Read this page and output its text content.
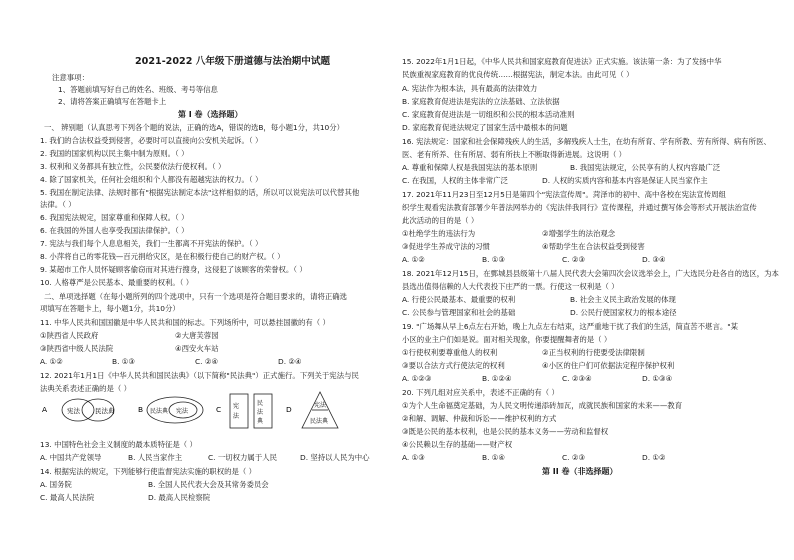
2021-2022 八年级下册道德与法治期中试题
注意事项：
1、答题前填写好自己的姓名、班级、考号等信息
2、请将答案正确填写在答题卡上
第 I 卷（选择题）
一、 辨别题（认真思考下列各个题的说法，正确的选A，错误的选B，每小题1分，共10分）
1. 我们的合法权益受到侵害，必要时可以直接向公安机关起诉。（ ）
2. 我国的国家机构以民主集中制为原则。（ ）
3. 权利和义务都具有独立性，公民要依法行使权利。（ ）
4. 除了国家机关，任何社会组织和个人都没有超越宪法的权力。（ ）
5. 我国在制定法律、法规时都有"根据宪法制定本法"这样相似的话，所以可以说宪法可以代替其他
法律。（ ）
6. 我国宪法规定，国家尊重和保障人权。（ ）
6. 在我国的外国人也享受我国法律保护。（ ）
7. 宪法与我们每个人息息相关，我们一生都离不开宪法的保护。（ ）
8. 小萍将自己的零花钱—百元捐给灾区，是在积极行使自己的财产权。（ ）
9. 某超市工作人员怀疑顾客偷窃而对其进行搜身，这侵犯了该顾客的荣誉权。（ ）
10. 人格尊严是公民基本、最重要的权利。（ ）
二、单项选择题（在每小题所列的四个选项中，只有一个选项是符合题目要求的，请将正确选
项填写在答题卡上，每小题1分，共10分）
11. 中华人民共和国国徽是中华人民共和国的标志。下列场所中，可以悬挂国徽的有（ ）
①陕西省人民政府	②大唐芙蓉园
③陕西省中级人民法院	④西安火车站
A. ①②	B. ①③	C. ②④	D. ②④
12. 2021年1月1日《中华人民共和国民法典》（以下简称"民法典"）正式施行。下列关于宪法与民
法典关系表述正确的是（ ）
A	宪法 民法典	B 民法典 宪法	C 宪
法
民
法
典
D	宪法
民法典
13. 中国特色社会主义制度的最本质特征是（ ）
A. 中国共产党领导	B. 人民当家作主	C. 一切权力属于人民	D. 坚持以人民为中心
14. 根据宪法的规定，下列能够行使监督宪法实施的职权的是（ ）
A. 国务院	B. 全国人民代表大会及其常务委员会
C. 最高人民法院	D. 最高人民检察院
15. 2022年1月1日起，《中华人民共和国家庭教育促进法》正式实施。该法第一条：为了发扬中华
民族重视家庭教育的优良传统……根据宪法，制定本法。由此可见（ ）
A. 宪法作为根本法，具有最高的法律效力
B. 家庭教育促进法是宪法的立法基础、立法依据
C. 家庭教育促进法是一切组织和公民的根本活动准则
D. 家庭教育促进法规定了国家生活中最根本的问题
16. 宪法规定：国家和社会保障残疾人的生活，多解残疾人士生，在幼有所育、学有所教、劳有所得、病有所医、
医、老有所养、住有所居、弱有所扶上不断取得新进展。这说明（ ）
A. 尊重和保障人权是我国宪法的基本原则	B. 我国宪法规定，公民享有的人权内容最广泛
C. 在我国，人权的主体非常广泛	D. 人权的实质内容和基本内容是保证人民当家作主
17. 2021年11月23日至12月5日是第四个"宪法宣传周"。菏泽市的初中、高中各校在宪法宣传周组
织学生观看宪法教育部署少年普法网举办的《宪法伴我同行》宣传课程，并通过撰写体会等形式开展法治宣传
此次活动的目的是（ ）
①杜绝学生的违法行为	②增强学生的法治观念
③促进学生养成守法的习惯	④帮助学生在合法权益受到侵害
A. ①②	B. ①③	C. ②③	D. ③④
18. 2021年12月15日，在鄄城县县级第十八届人民代表大会第四次会议选举会上，广大选民分赴各自的选区，为本
县选出值得信赖的人大代表投下庄严的一票。行使这一权利是（ ）
A. 行使公民最基本、最重要的权利	B. 社会主义民主政治发展的体现
C. 公民参与管理国家和社会的基础	D. 公民行使国家权力的根本途径
19. "广场舞从早上6点左右开始，晚上九点左右结束，这严重地干扰了我们的生活，简直苦不堪言。"某
小区的业主户们如是说。面对相关现象，你要提醒舞者的是（ ）
①行使权利要尊重他人的权利	②正当权利的行使要受法律限制
③要以合法方式行使法定的权利	④小区的住户们可依据法定程序保护权利
A. ①②③	B. ①②④	C. ②③④	D. ①③④
20. 下列几组对应关系中，表述不正确的有（ ）
①为个人生命福奠定基础，为人民文明传递添砖加瓦，成就民族和国家的未来——教育
②和解、调解、仲裁和诉讼——维护权利的方式
③既是公民的基本权利，也是公民的基本义务——劳动和监督权
④公民赖以生存的基础——财产权
A. ①③	B. ①④	C. ②③	D. ①②
第 II 卷（非选择题）
